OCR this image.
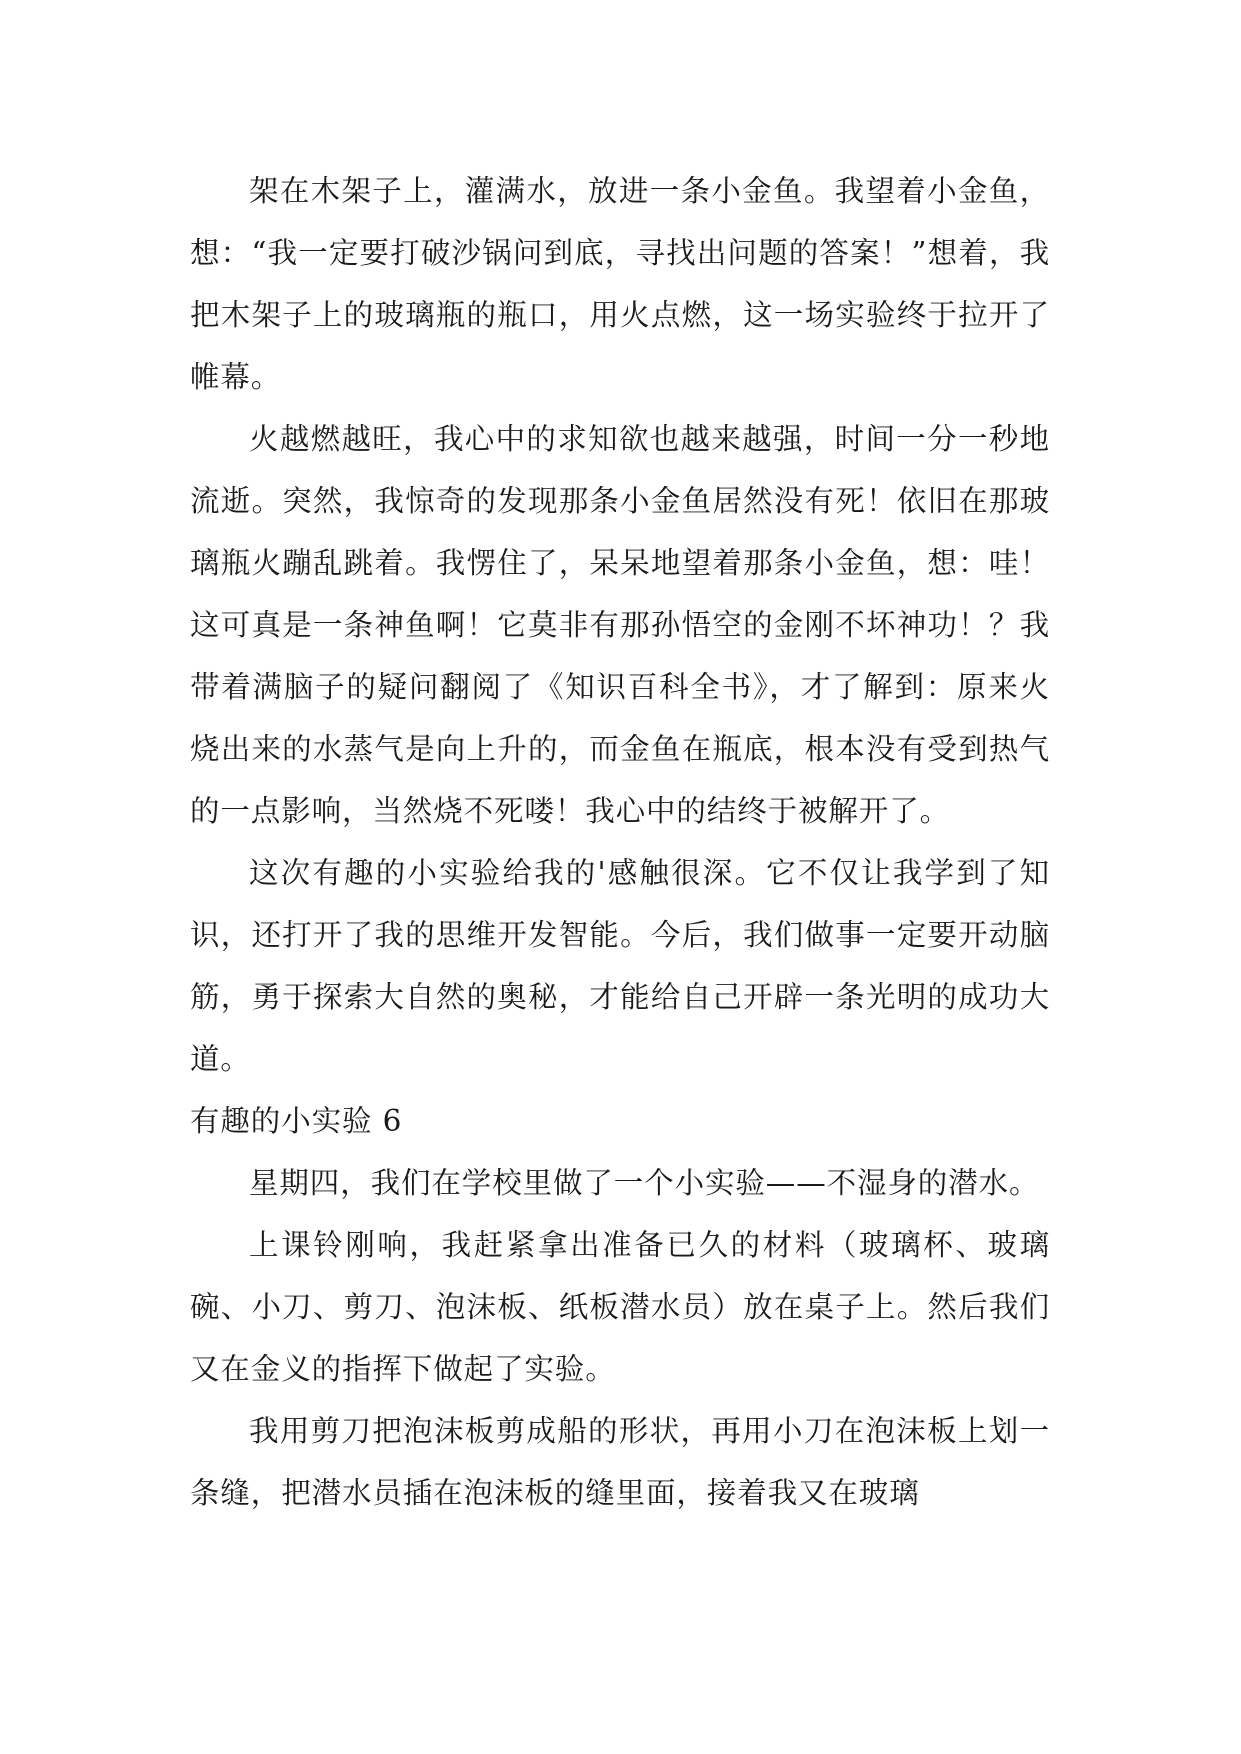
架在木架子上，灌满水，放进一条小金鱼。我望着小金鱼，想：“我一定要打破沙锅问到底，寻找出问题的答案！”想着，我把木架子上的玻璃瓶的瓶口，用火点燃，这一场实验终于拉开了帷幕。

火越燃越旺，我心中的求知欲也越来越强，时间一分一秒地流逝。突然，我惊奇的发现那条小金鱼居然没有死！依旧在那玻璃瓶火蹦乱跳着。我愣住了，呆呆地望着那条小金鱼，想：哇！这可真是一条神鱼啊！它莫非有那孙悟空的金刚不坏神功！？我带着满脑子的疑问翻阅了《知识百科全书》，才了解到：原来火烧出来的水蒸气是向上升的，而金鱼在瓶底，根本没有受到热气的一点影响，当然烧不死喽！我心中的结终于被解开了。

这次有趣的小实验给我的'感触很深。它不仅让我学到了知识，还打开了我的思维开发智能。今后，我们做事一定要开动脑筋，勇于探索大自然的奥秘，才能给自己开辟一条光明的成功大道。

有趣的小实验 6

星期四，我们在学校里做了一个小实验——不湿身的潜水。

上课铃刚响，我赶紧拿出准备已久的材料（玻璃杯、玻璃碗、小刀、剪刀、泡沫板、纸板潜水员）放在桌子上。然后我们又在金义的指挥下做起了实验。

我用剪刀把泡沫板剪成船的形状，再用小刀在泡沫板上划一条缝，把潜水员插在泡沫板的缝里面，接着我又在玻璃
